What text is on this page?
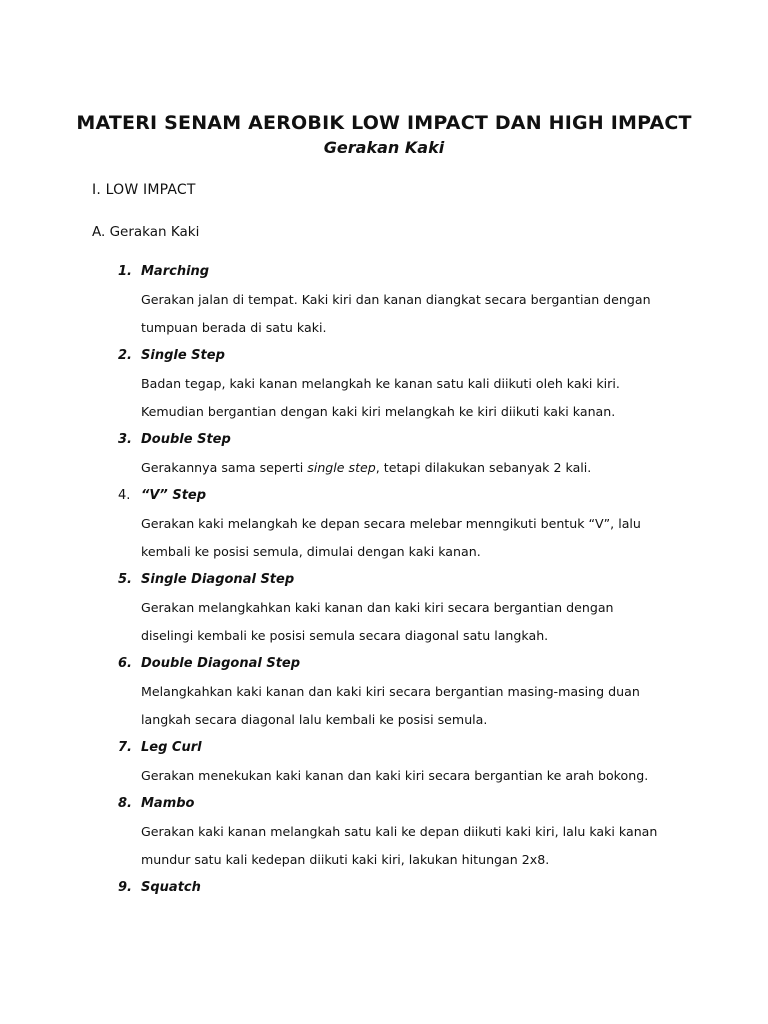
MATERI SENAM AEROBIK LOW IMPACT DAN HIGH IMPACT
Gerakan Kaki
I. LOW IMPACT
A. Gerakan Kaki
1. Marching
Gerakan jalan di tempat. Kaki kiri dan kanan diangkat secara bergantian dengan
tumpuan berada di satu kaki.
2. Single Step
Badan tegap, kaki kanan melangkah ke kanan satu kali diikuti oleh kaki kiri.
Kemudian bergantian dengan kaki kiri melangkah ke kiri diikuti kaki kanan.
3. Double Step
Gerakannya sama seperti single step, tetapi dilakukan sebanyak 2 kali.
4. “V” Step
Gerakan kaki melangkah ke depan secara melebar menngikuti bentuk “V”, lalu
kembali ke posisi semula, dimulai dengan kaki kanan.
5. Single Diagonal Step
Gerakan melangkahkan kaki kanan dan kaki kiri secara bergantian dengan
diselingi kembali ke posisi semula secara diagonal satu langkah.
6. Double Diagonal Step
Melangkahkan kaki kanan dan kaki kiri secara bergantian masing-masing duan
langkah secara diagonal lalu kembali ke posisi semula.
7. Leg Curl
Gerakan menekukan kaki kanan dan kaki kiri secara bergantian ke arah bokong.
8. Mambo
Gerakan kaki kanan melangkah satu kali ke depan diikuti kaki kiri, lalu kaki kanan
mundur satu kali kedepan diikuti kaki kiri, lakukan hitungan 2x8.
9. Squatch
